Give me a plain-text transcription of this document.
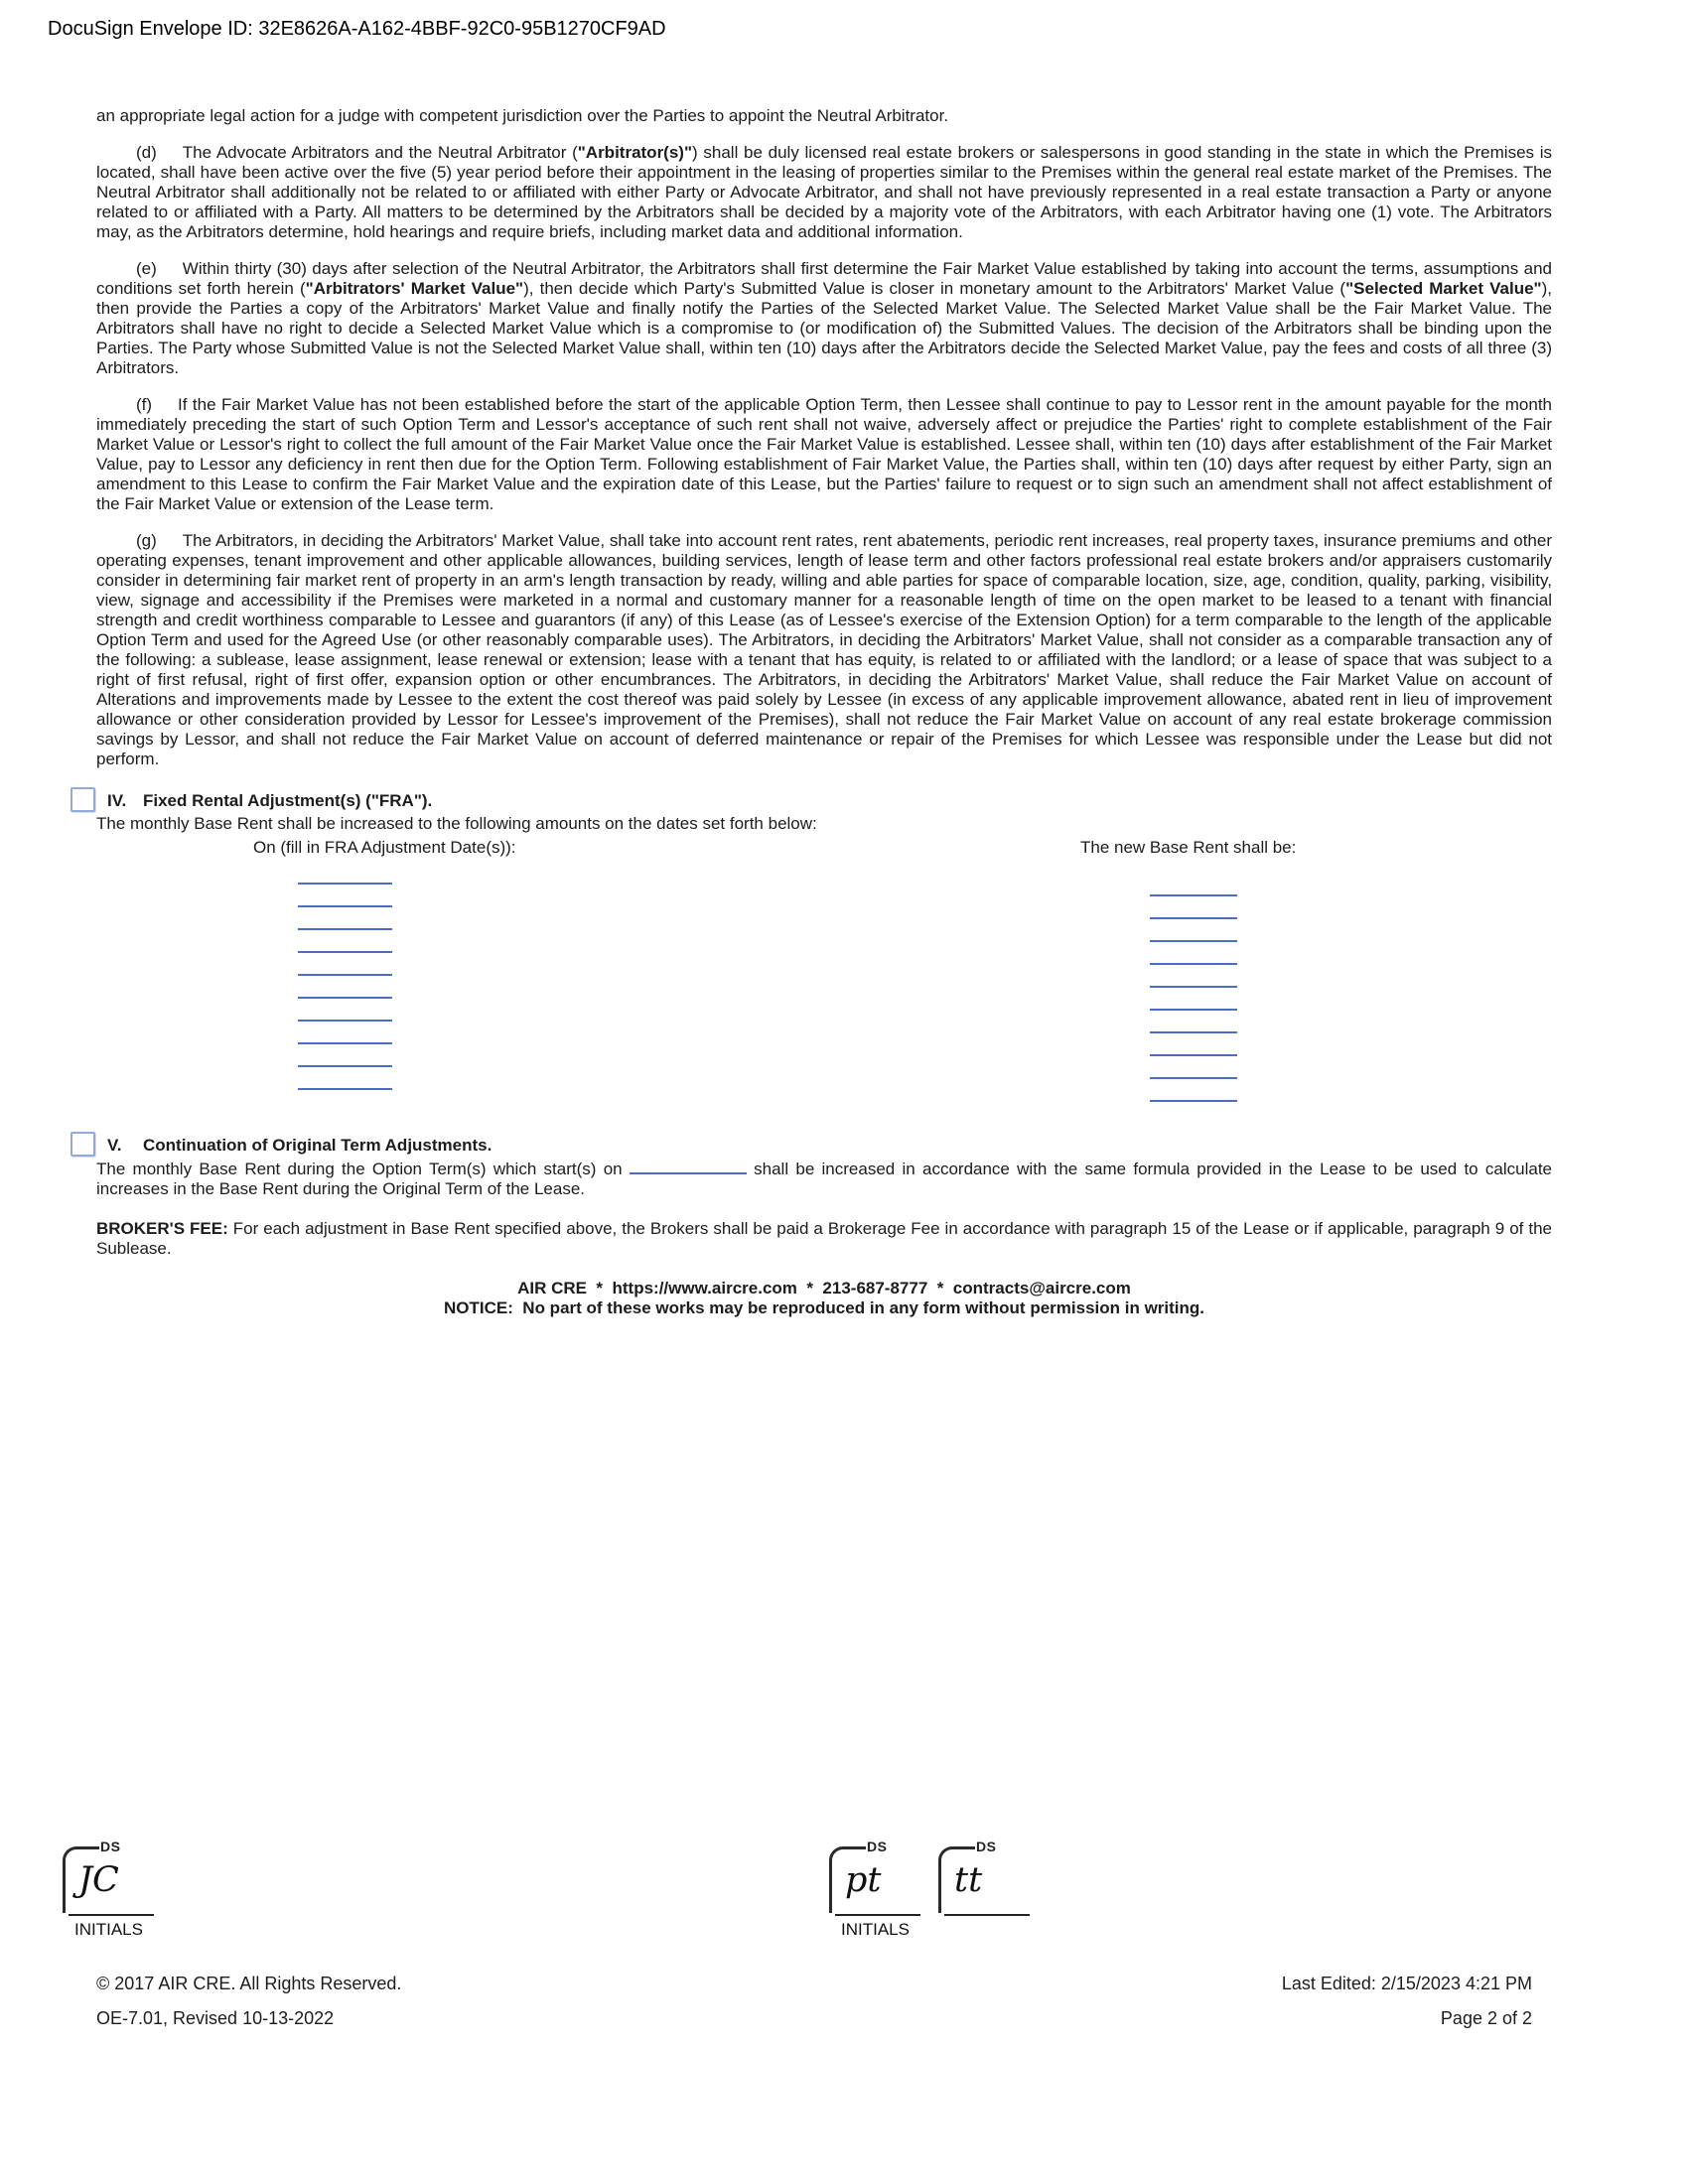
DocuSign Envelope ID: 32E8626A-A162-4BBF-92C0-95B1270CF9AD

an appropriate legal action for a judge with competent jurisdiction over the Parties to appoint the Neutral Arbitrator.

(d) The Advocate Arbitrators and the Neutral Arbitrator ("Arbitrator(s)") shall be duly licensed real estate brokers or salespersons in good standing in the state in which the Premises is located, shall have been active over the five (5) year period before their appointment in the leasing of properties similar to the Premises within the general real estate market of the Premises. The Neutral Arbitrator shall additionally not be related to or affiliated with either Party or Advocate Arbitrator, and shall not have previously represented in a real estate transaction a Party or anyone related to or affiliated with a Party. All matters to be determined by the Arbitrators shall be decided by a majority vote of the Arbitrators, with each Arbitrator having one (1) vote. The Arbitrators may, as the Arbitrators determine, hold hearings and require briefs, including market data and additional information.

(e) Within thirty (30) days after selection of the Neutral Arbitrator, the Arbitrators shall first determine the Fair Market Value established by taking into account the terms, assumptions and conditions set forth herein ("Arbitrators' Market Value"), then decide which Party's Submitted Value is closer in monetary amount to the Arbitrators' Market Value ("Selected Market Value"), then provide the Parties a copy of the Arbitrators' Market Value and finally notify the Parties of the Selected Market Value. The Selected Market Value shall be the Fair Market Value. The Arbitrators shall have no right to decide a Selected Market Value which is a compromise to (or modification of) the Submitted Values. The decision of the Arbitrators shall be binding upon the Parties. The Party whose Submitted Value is not the Selected Market Value shall, within ten (10) days after the Arbitrators decide the Selected Market Value, pay the fees and costs of all three (3) Arbitrators.

(f) If the Fair Market Value has not been established before the start of the applicable Option Term, then Lessee shall continue to pay to Lessor rent in the amount payable for the month immediately preceding the start of such Option Term and Lessor's acceptance of such rent shall not waive, adversely affect or prejudice the Parties' right to complete establishment of the Fair Market Value or Lessor's right to collect the full amount of the Fair Market Value once the Fair Market Value is established. Lessee shall, within ten (10) days after establishment of the Fair Market Value, pay to Lessor any deficiency in rent then due for the Option Term. Following establishment of Fair Market Value, the Parties shall, within ten (10) days after request by either Party, sign an amendment to this Lease to confirm the Fair Market Value and the expiration date of this Lease, but the Parties' failure to request or to sign such an amendment shall not affect establishment of the Fair Market Value or extension of the Lease term.

(g) The Arbitrators, in deciding the Arbitrators' Market Value, shall take into account rent rates, rent abatements, periodic rent increases, real property taxes, insurance premiums and other operating expenses, tenant improvement and other applicable allowances, building services, length of lease term and other factors professional real estate brokers and/or appraisers customarily consider in determining fair market rent of property in an arm's length transaction by ready, willing and able parties for space of comparable location, size, age, condition, quality, parking, visibility, view, signage and accessibility if the Premises were marketed in a normal and customary manner for a reasonable length of time on the open market to be leased to a tenant with financial strength and credit worthiness comparable to Lessee and guarantors (if any) of this Lease (as of Lessee's exercise of the Extension Option) for a term comparable to the length of the applicable Option Term and used for the Agreed Use (or other reasonably comparable uses). The Arbitrators, in deciding the Arbitrators' Market Value, shall not consider as a comparable transaction any of the following: a sublease, lease assignment, lease renewal or extension; lease with a tenant that has equity, is related to or affiliated with the landlord; or a lease of space that was subject to a right of first refusal, right of first offer, expansion option or other encumbrances. The Arbitrators, in deciding the Arbitrators' Market Value, shall reduce the Fair Market Value on account of Alterations and improvements made by Lessee to the extent the cost thereof was paid solely by Lessee (in excess of any applicable improvement allowance, abated rent in lieu of improvement allowance or other consideration provided by Lessor for Lessee's improvement of the Premises), shall not reduce the Fair Market Value on account of any real estate brokerage commission savings by Lessor, and shall not reduce the Fair Market Value on account of deferred maintenance or repair of the Premises for which Lessee was responsible under the Lease but did not perform.

IV. Fixed Rental Adjustment(s) ("FRA").
The monthly Base Rent shall be increased to the following amounts on the dates set forth below:
On (fill in FRA Adjustment Date(s)):	The new Base Rent shall be:
V.	Continuation of Original Term Adjustments.

The monthly Base Rent during the Option Term(s) which start(s) on	shall be increased in accordance with the same formula provided in the Lease to be used to calculate increases in the Base Rent during the Original Term of the Lease.

BROKER'S FEE: For each adjustment in Base Rent specified above, the Brokers shall be paid a Brokerage Fee in accordance with paragraph 15 of the Lease or if applicable, paragraph 9 of the Sublease.

AIR CRE  *  https://www.aircre.com  *  213-687-8777  *  contracts@aircre.com
NOTICE:  No part of these works may be reproduced in any form without permission in writing.
DS
JC
INITIALS
DS
pt
DS
tt
INITIALS
© 2017 AIR CRE. All Rights Reserved.
OE-7.01, Revised 10-13-2022
Last Edited: 2/15/2023 4:21 PM
Page 2 of 2
